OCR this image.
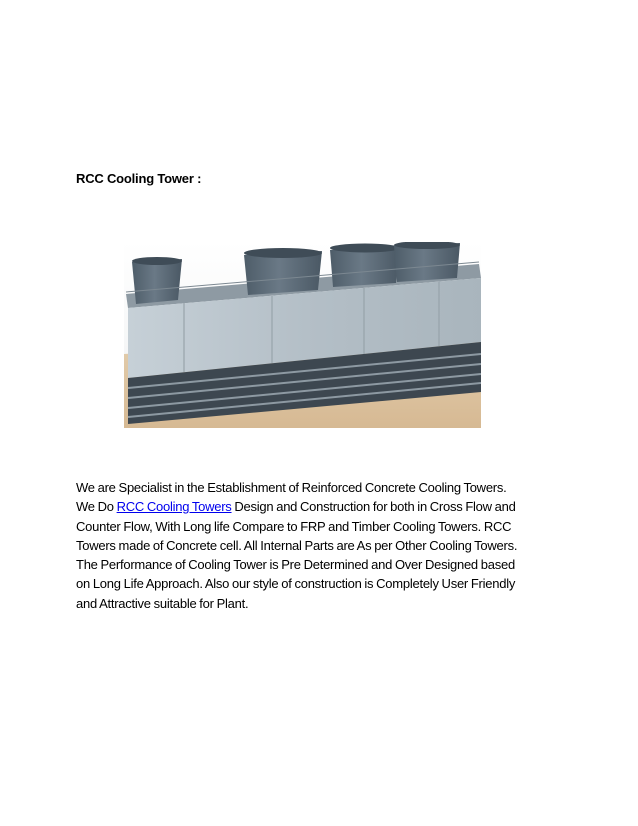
RCC Cooling Tower :

We are Specialist in the Establishment of Reinforced Concrete Cooling Towers.
We Do RCC Cooling Towers Design and Construction for both in Cross Flow and
Counter Flow, With Long life Compare to FRP and Timber Cooling Towers. RCC
Towers made of Concrete cell. All Internal Parts are As per Other Cooling Towers.
The Performance of Cooling Tower is Pre Determined and Over Designed based
on Long Life Approach. Also our style of construction is Completely User Friendly
and Attractive suitable for Plant.
